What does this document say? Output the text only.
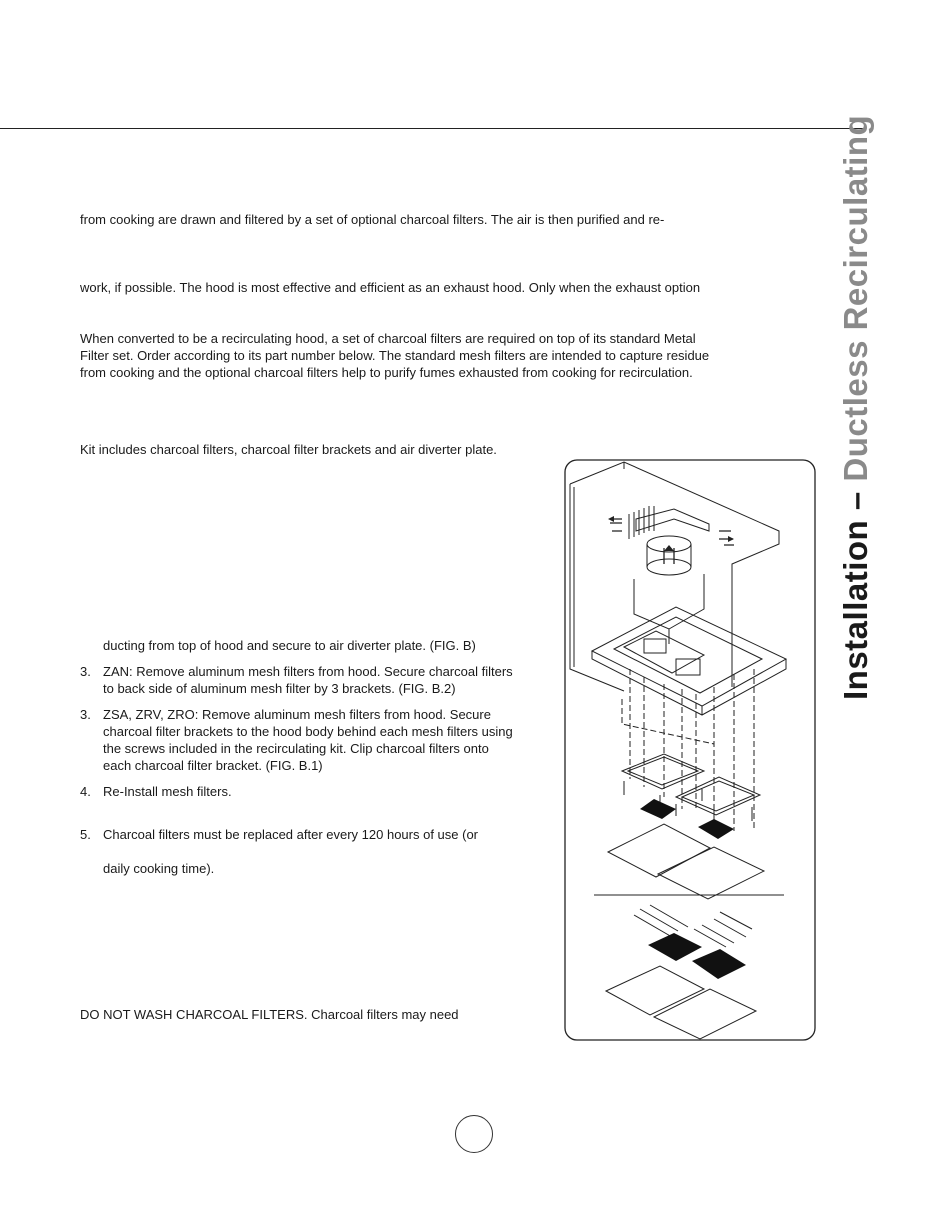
from cooking are drawn and filtered by a set of optional charcoal filters. The air is then purified and re-

work, if possible. The hood is most effective and efficient as an exhaust hood. Only when the exhaust option

When converted to be a recirculating hood, a set of charcoal filters are required on top of its standard Metal

Filter set. Order according to its part number below. The standard mesh filters are intended to capture residue

from cooking and the optional charcoal filters help to purify fumes exhausted from cooking for recirculation.

Kit includes charcoal filters, charcoal filter brackets and air diverter plate.

ducting from top of hood and secure to air diverter plate. (FIG. B)
3. ZAN: Remove aluminum mesh filters from hood. Secure charcoal filters
to back side of aluminum mesh filter by 3 brackets. (FIG. B.2)
3. ZSA, ZRV, ZRO: Remove aluminum mesh filters from hood. Secure
charcoal filter brackets to the hood body behind each mesh filters using
the screws included in the recirculating kit. Clip charcoal filters onto
each charcoal filter bracket. (FIG. B.1)
4. Re-Install mesh filters.
5. Charcoal filters must be replaced after every 120 hours of use (or
daily cooking time).

DO NOT WASH CHARCOAL FILTERS. Charcoal filters may need

Installation – Ductless Recirculating
